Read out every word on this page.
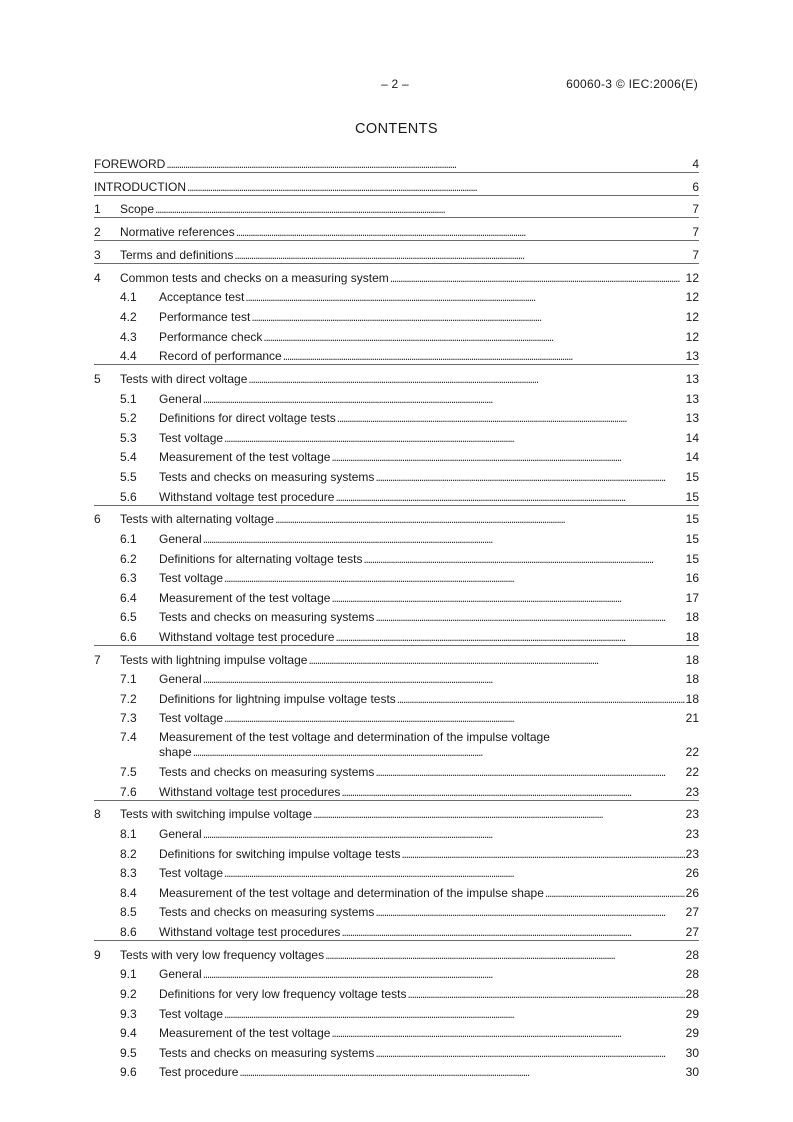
– 2 –	60060-3 © IEC:2006(E)
CONTENTS
FOREWORD . . .	4
INTRODUCTION . . .	6
1	Scope . . .	7
2	Normative references . . .	7
3	Terms and definitions . . .	7
4	Common tests and checks on a measuring system . . .	12
4.1	Acceptance test . . .	12
4.2	Performance test . . .	12
4.3	Performance check . . .	12
4.4	Record of performance . . .	13
5	Tests with direct voltage . . .	13
5.1	General . . .	13
5.2	Definitions for direct voltage tests . . .	13
5.3	Test voltage . . .	14
5.4	Measurement of the test voltage . . .	14
5.5	Tests and checks on measuring systems . . .	15
5.6	Withstand voltage test procedure . . .	15
6	Tests with alternating voltage . . .	15
6.1	General . . .	15
6.2	Definitions for alternating voltage tests . . .	15
6.3	Test voltage . . .	16
6.4	Measurement of the test voltage . . .	17
6.5	Tests and checks on measuring systems . . .	18
6.6	Withstand voltage test procedure . . .	18
7	Tests with lightning impulse voltage . . .	18
7.1	General . . .	18
7.2	Definitions for lightning impulse voltage tests . . .	18
7.3	Test voltage . . .	21
7.4	Measurement of the test voltage and determination of the impulse voltage
shape . . .	22
7.5	Tests and checks on measuring systems . . .	22
7.6	Withstand voltage test procedures . . .	23
8	Tests with switching impulse voltage . . .	23
8.1	General . . .	23
8.2	Definitions for switching impulse voltage tests . . .	23
8.3	Test voltage . . .	26
8.4	Measurement of the test voltage and determination of the impulse shape . . .	26
8.5	Tests and checks on measuring systems . . .	27
8.6	Withstand voltage test procedures . . .	27
9	Tests with very low frequency voltages . . .	28
9.1	General . . .	28
9.2	Definitions for very low frequency voltage tests . . .	28
9.3	Test voltage . . .	29
9.4	Measurement of the test voltage . . .	29
9.5	Tests and checks on measuring systems . . .	30
9.6	Test procedure . . .	30
